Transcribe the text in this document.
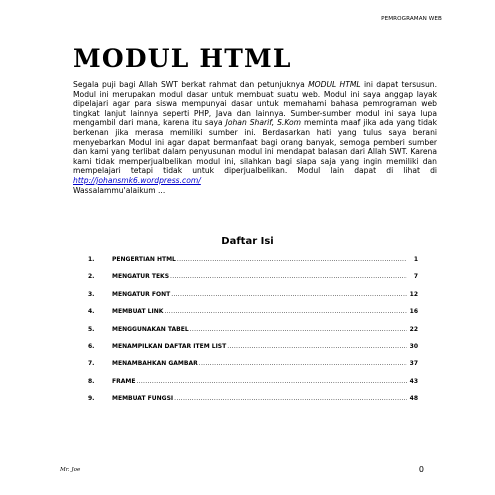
PEMROGRAMAN WEB
MODUL HTML

Segala puji bagi Allah SWT berkat rahmat dan petunjuknya MODUL HTML ini dapat tersusun. Modul ini merupakan modul dasar untuk membuat suatu web. Modul ini saya anggap layak dipelajari agar para siswa mempunyai dasar untuk memahami bahasa pemrograman web tingkat lanjut lainnya seperti PHP, Java dan lainnya. Sumber-sumber modul ini saya lupa mengambil dari mana, karena itu saya Johan Sharif, S.Kom meminta maaf jika ada yang tidak berkenan jika merasa memiliki sumber ini. Berdasarkan hati yang tulus saya berani menyebarkan Modul ini agar dapat bermanfaat bagi orang banyak, semoga pemberi sumber dan kami yang terlibat dalam penyusunan modul ini mendapat balasan dari Allah SWT. Karena kami tidak memperjualbelikan modul ini, silahkan bagi siapa saja yang ingin memiliki dan mempelajari tetapi tidak untuk diperjualbelikan. Modul lain dapat di lihat di http://johansmk6.wordpress.com/

Wassalammu'alaikum ...

Daftar Isi
1.	PENGERTIAN HTML .....	1
2.	MENGATUR TEKS .....	7
3.	MENGATUR FONT .....	12
4.	MEMBUAT LINK .....	16
5.	MENGGUNAKAN TABEL .....	22
6.	MENAMPILKAN DAFTAR ITEM LIST .....	30
7.	MENAMBAHKAN GAMBAR .....	37
8.	FRAME .....	43
9.	MEMBUAT FUNGSI .....	48
Mr. Joe	0
